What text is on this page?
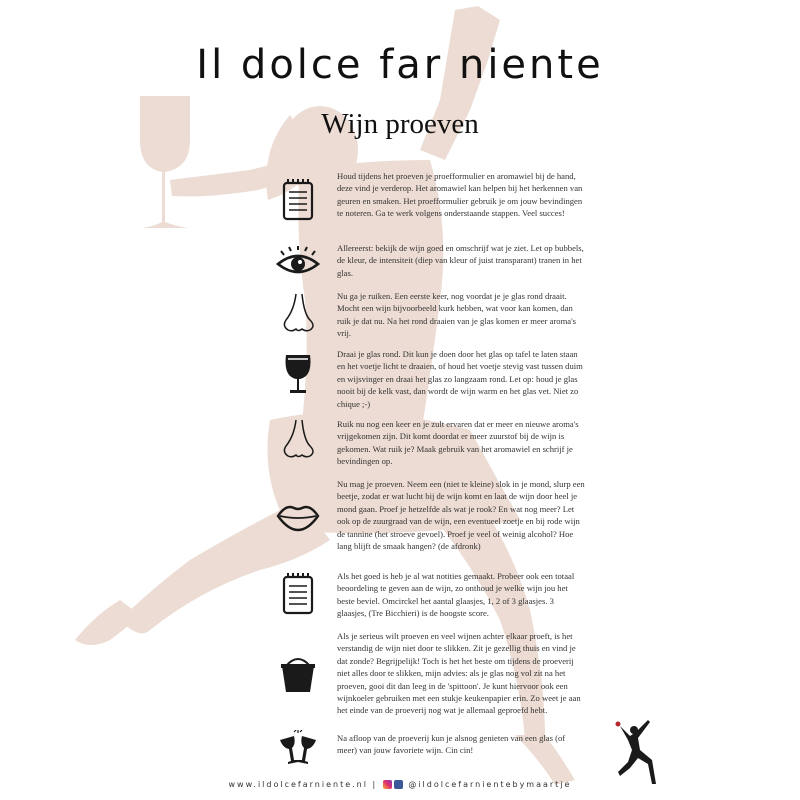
Il dolce far niente
Wijn proeven
Houd tijdens het proeven je proefformulier en aromawiel bij de hand, deze vind je verderop. Het aromawiel kan helpen bij het herkennen van geuren en smaken. Het proefformulier gebruik je om jouw bevindingen te noteren. Ga te werk volgens onderstaande stappen. Veel succes!
Allereerst: bekijk de wijn goed en omschrijf wat je ziet. Let op bubbels, de kleur, de intensiteit (diep van kleur of juist transparant) tranen in het glas.
Nu ga je ruiken. Een eerste keer, nog voordat je je glas rond draait. Mocht een wijn bijvoorbeeld kurk hebben, wat voor kan komen, dan ruik je dat nu. Na het rond draaien van je glas komen er meer aroma's vrij.
Draai je glas rond. Dit kun je doen door het glas op tafel te laten staan en het voetje licht te draaien, of houd het voetje stevig vast tussen duim en wijsvinger en draai het glas zo langzaam rond. Let op: houd je glas nooit bij de kelk vast, dan wordt de wijn warm en het glas vet. Niet zo chique ;-)
Ruik nu nog een keer en je zult ervaren dat er meer en nieuwe aroma's vrijgekomen zijn. Dit komt doordat er meer zuurstof bij de wijn is gekomen. Wat ruik je? Maak gebruik van het aromawiel en schrijf je bevindingen op.
Nu mag je proeven. Neem een (niet te kleine) slok in je mond, slurp een beetje, zodat er wat lucht bij de wijn komt en laat de wijn door heel je mond gaan. Proef je hetzelfde als wat je rook? En wat nog meer? Let ook op de zuurgraad van de wijn, een eventueel zoetje en bij rode wijn de tannine (het stroeve gevoel). Proef je veel of weinig alcohol? Hoe lang blijft de smaak hangen? (de afdronk)
Als het goed is heb je al wat notities gemaakt. Probeer ook een totaal beoordeling te geven aan de wijn, zo onthoud je welke wijn jou het beste beviel. Omcirckel het aantal glaasjes, 1, 2 of 3 glaasjes. 3 glaasjes, (Tre Bicchieri) is de hoogste score.
Als je serieus wilt proeven en veel wijnen achter elkaar proeft, is het verstandig de wijn niet door te slikken. Zit je gezellig thuis en vind je dat zonde? Begrijpelijk! Toch is het het beste om tijdens de proeverij niet alles door te slikken, mijn advies: als je glas nog vol zit na het proeven, gooi dit dan leeg in de 'spittoon'. Je kunt hiervoor ook een wijnkoeler gebruiken met een stukje keukenpapier erin. Zo weet je aan het einde van de proeverij nog wat je allemaal geproefd hebt.
Na afloop van de proeverij kun je alsnog genieten van een glas (of meer) van jouw favoriete wijn. Cin cin!
www.ildolcefarniente.nl |	@ildolcefarnientebymaartje
